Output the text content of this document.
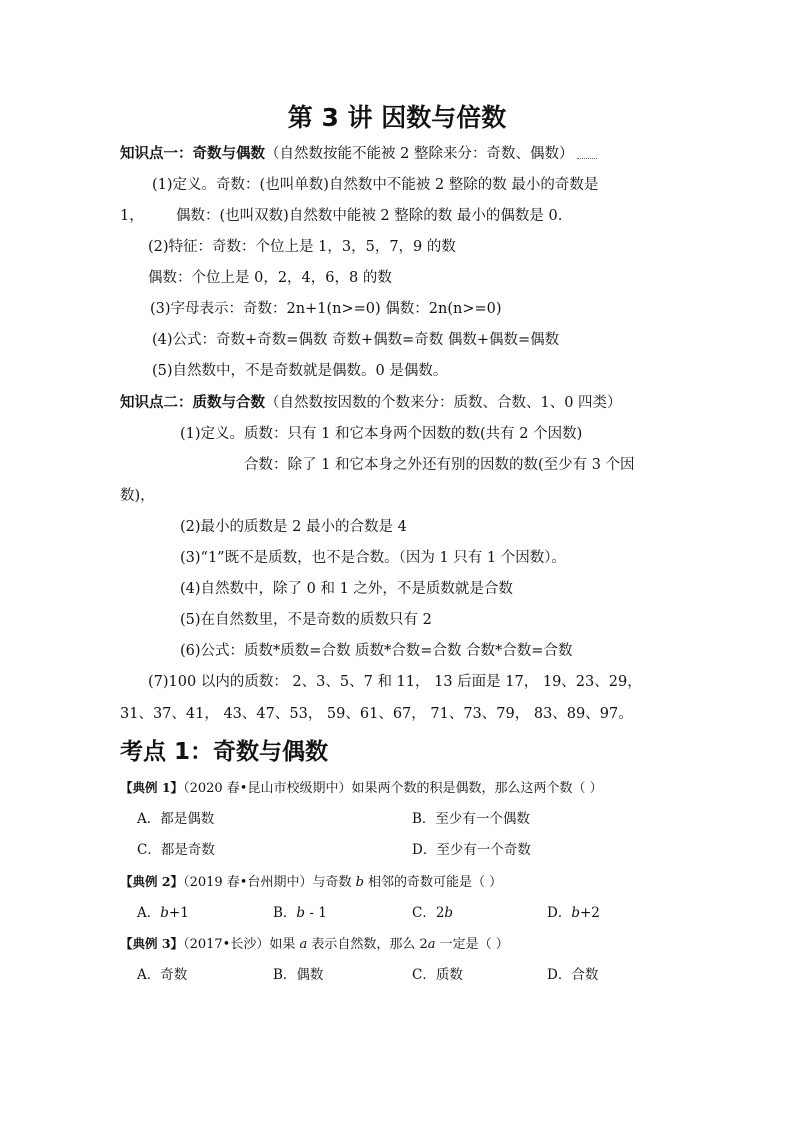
第 3 讲 因数与倍数
知识点一：奇数与偶数（自然数按能不能被 2 整除来分：奇数、偶数）
(1)定义。奇数：(也叫单数)自然数中不能被 2 整除的数 最小的奇数是
1， 偶数：(也叫双数)自然数中能被 2 整除的数 最小的偶数是 0.
(2)特征：奇数：个位上是 1，3，5，7，9 的数
偶数：个位上是 0，2，4，6，8 的数
(3)字母表示：奇数：2n+1(n>=0) 偶数：2n(n>=0)
(4)公式：奇数+奇数=偶数 奇数+偶数=奇数 偶数+偶数=偶数
(5)自然数中，不是奇数就是偶数。0 是偶数。
知识点二：质数与合数（自然数按因数的个数来分：质数、合数、1、0 四类）
(1)定义。质数：只有 1 和它本身两个因数的数(共有 2 个因数)
合数：除了 1 和它本身之外还有别的因数的数(至少有 3 个因
数)，
(2)最小的质数是 2 最小的合数是 4
(3)“1”既不是质数，也不是合数。（因为 1 只有 1 个因数）。
(4)自然数中，除了 0 和 1 之外，不是质数就是合数
(5)在自然数里，不是奇数的质数只有 2
(6)公式：质数*质数=合数 质数*合数=合数 合数*合数=合数
(7)100 以内的质数： 2、3、5、7 和 11， 13 后面是 17， 19、23、29，
31、37、41， 43、47、53， 59、61、67， 71、73、79， 83、89、97。
考点 1：奇数与偶数
【典例 1】（2020 春•昆山市校级期中）如果两个数的积是偶数，那么这两个数（ ）
A．都是偶数	B．至少有一个偶数
C．都是奇数	D．至少有一个奇数
【典例 2】（2019 春•台州期中）与奇数 b 相邻的奇数可能是（ ）
A．b+1	B．b - 1	C．2b	D．b+2
【典例 3】（2017•长沙）如果 a 表示自然数，那么 2a 一定是（ ）
A．奇数	B．偶数	C．质数	D．合数
